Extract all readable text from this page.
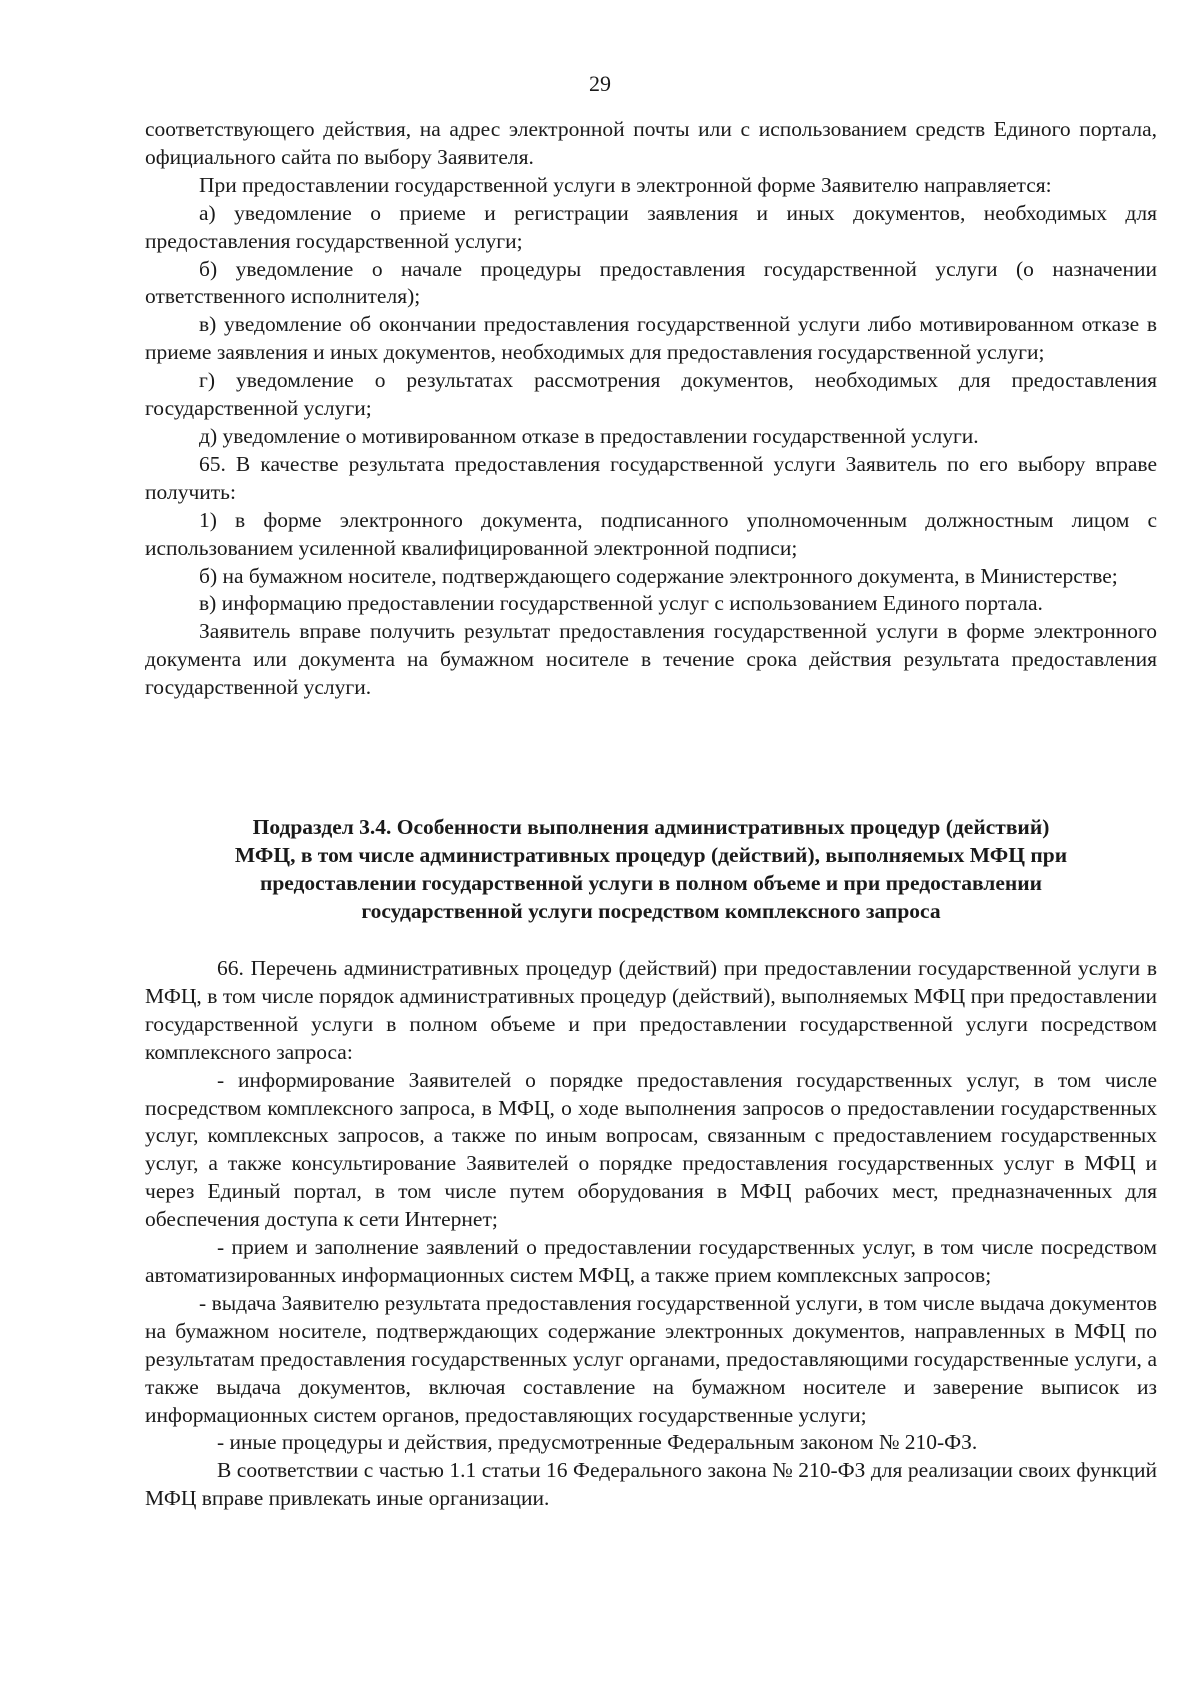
29

соответствующего действия, на адрес электронной почты или с использованием средств Единого портала, официального сайта по выбору Заявителя.

При предоставлении государственной услуги в электронной форме Заявителю направляется:

а) уведомление о приеме и регистрации заявления и иных документов, необходимых для предоставления государственной услуги;

б) уведомление о начале процедуры предоставления государственной услуги (о назначении ответственного исполнителя);

в) уведомление об окончании предоставления государственной услуги либо мотивированном отказе в приеме заявления и иных документов, необходимых для предоставления государственной услуги;

г) уведомление о результатах рассмотрения документов, необходимых для предоставления государственной услуги;

д) уведомление о мотивированном отказе в предоставлении государственной услуги.

65. В качестве результата предоставления государственной услуги Заявитель по его выбору вправе получить:

1) в форме электронного документа, подписанного уполномоченным должностным лицом с использованием усиленной квалифицированной электронной подписи;

б) на бумажном носителе, подтверждающего содержание электронного документа, в Министерстве;

в) информацию предоставлении государственной услуг с использованием Единого портала.

Заявитель вправе получить результат предоставления государственной услуги в форме электронного документа или документа на бумажном носителе в течение срока действия результата предоставления государственной услуги.

Подраздел 3.4. Особенности выполнения административных процедур (действий)
МФЦ, в том числе административных процедур (действий), выполняемых МФЦ при
предоставлении государственной услуги в полном объеме и при предоставлении
государственной услуги посредством комплексного запроса

66. Перечень административных процедур (действий) при предоставлении государственной услуги в МФЦ, в том числе порядок административных процедур (действий), выполняемых МФЦ при предоставлении государственной услуги в полном объеме и при предоставлении государственной услуги посредством комплексного запроса:

- информирование Заявителей о порядке предоставления государственных услуг, в том числе посредством комплексного запроса, в МФЦ, о ходе выполнения запросов о предоставлении государственных услуг, комплексных запросов, а также по иным вопросам, связанным с предоставлением государственных услуг, а также консультирование Заявителей о порядке предоставления государственных услуг в МФЦ и через Единый портал, в том числе путем оборудования в МФЦ рабочих мест, предназначенных для обеспечения доступа к сети Интернет;

- прием и заполнение заявлений о предоставлении государственных услуг, в том числе посредством автоматизированных информационных систем МФЦ, а также прием комплексных запросов;

- выдача Заявителю результата предоставления государственной услуги, в том числе выдача документов на бумажном носителе, подтверждающих содержание электронных документов, направленных в МФЦ по результатам предоставления государственных услуг органами, предоставляющими государственные услуги, а также выдача документов, включая составление на бумажном носителе и заверение выписок из информационных систем органов, предоставляющих государственные услуги;

- иные процедуры и действия, предусмотренные Федеральным законом № 210-ФЗ.

В соответствии с частью 1.1 статьи 16 Федерального закона № 210-ФЗ для реализации своих функций МФЦ вправе привлекать иные организации.
